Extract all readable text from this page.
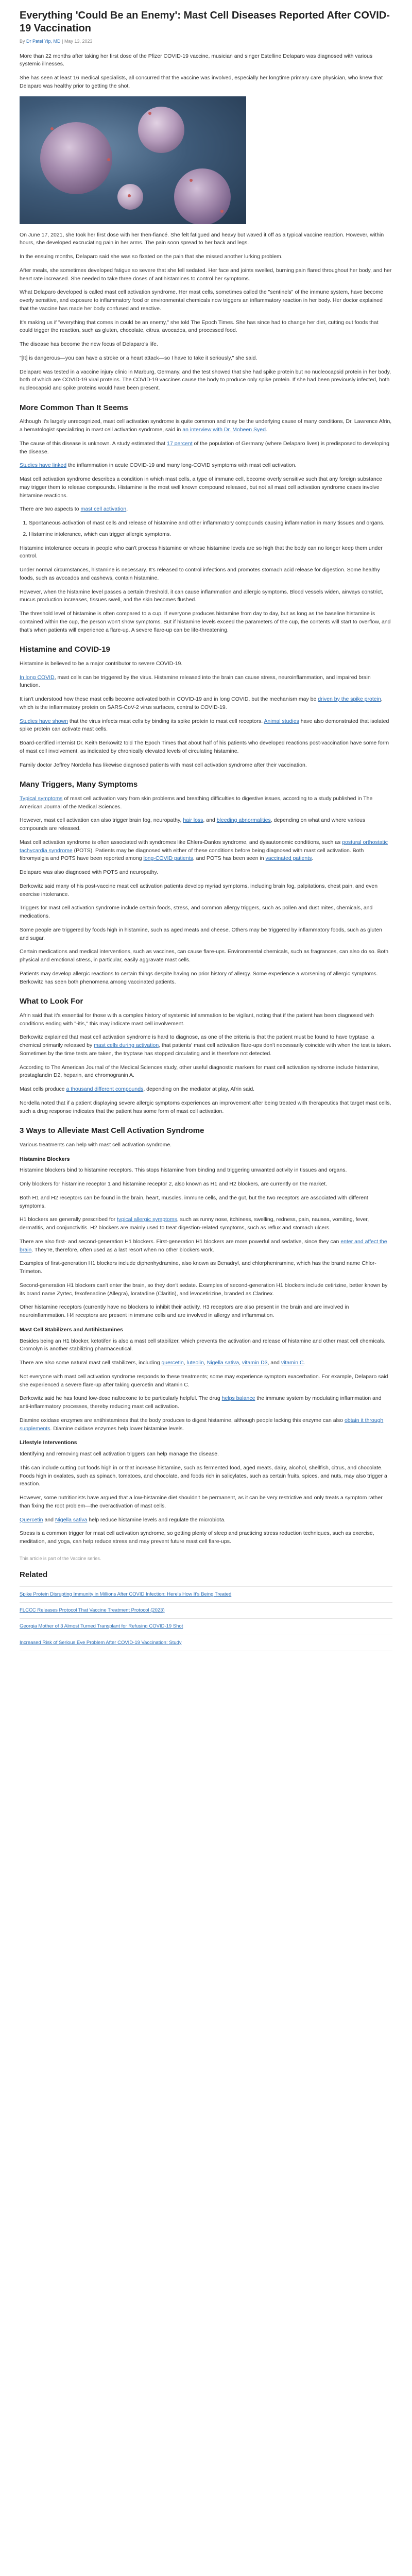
Everything 'Could Be an Enemy': Mast Cell Diseases Reported After COVID-19 Vaccination
By Dr Patel Yip, MD | May 13, 2023

More than 22 months after taking her first dose of the Pfizer COVID-19 vaccine, musician and singer Estelline Delaparo was diagnosed with various systemic illnesses.

She has seen at least 16 medical specialists, all concurred that the vaccine was involved, especially her longtime primary care physician, who knew that Delaparo was healthy prior to getting the shot.

On June 17, 2021, she took her first dose with her then-fiancé. She felt fatigued and heavy but waved it off as a typical vaccine reaction. However, within hours, she developed excruciating pain in her arms. The pain soon spread to her back and legs.

In the ensuing months, Delaparo said she was so fixated on the pain that she missed another lurking problem.

After meals, she sometimes developed fatigue so severe that she fell sedated. Her face and joints swelled, burning pain flared throughout her body, and her heart rate increased. She needed to take three doses of antihistamines to control her symptoms.

What Delaparo developed is called mast cell activation syndrome. Her mast cells, sometimes called the "sentinels" of the immune system, have become overly sensitive, and exposure to inflammatory food or environmental chemicals now triggers an inflammatory reaction in her body. Her doctor explained that the vaccine has made her body confused and reactive.

It's making us if "everything that comes in could be an enemy," she told The Epoch Times. She has since had to change her diet, cutting out foods that could trigger the reaction, such as gluten, chocolate, citrus, avocados, and processed food.

The disease has become the new focus of Delaparo's life.

"[It] is dangerous—you can have a stroke or a heart attack—so I have to take it seriously," she said.

Delaparo was tested in a vaccine injury clinic in Marburg, Germany, and the test showed that she had spike protein but no nucleocapsid protein in her body, both of which are COVID-19 viral proteins. The COVID-19 vaccines cause the body to produce only spike protein. If she had been previously infected, both nucleocapsid and spike proteins would have been present.

More Common Than It Seems

Although it's largely unrecognized, mast cell activation syndrome is quite common and may be the underlying cause of many conditions, Dr. Lawrence Afrin, a hematologist specializing in mast cell activation syndrome, said in an interview with Dr. Mobeen Syed.

The cause of this disease is unknown. A study estimated that 17 percent of the population of Germany (where Delaparo lives) is predisposed to developing the disease.

Studies have linked the inflammation in acute COVID-19 and many long-COVID symptoms with mast cell activation.

Mast cell activation syndrome describes a condition in which mast cells, a type of immune cell, become overly sensitive such that any foreign substance may trigger them to release compounds. Histamine is the most well known compound released, but not all mast cell activation syndrome cases involve histamine reactions.

There are two aspects to mast cell activation.

1. Spontaneous activation of mast cells and release of histamine and other inflammatory compounds causing inflammation in many tissues and organs.
2. Histamine intolerance, which can trigger allergic symptoms.

Histamine intolerance occurs in people who can't process histamine or whose histamine levels are so high that the body can no longer keep them under control.

Under normal circumstances, histamine is necessary. It's released to control infections and promotes stomach acid release for digestion. Some healthy foods, such as avocados and cashews, contain histamine.

However, when the histamine level passes a certain threshold, it can cause inflammation and allergic symptoms. Blood vessels widen, airways constrict, mucus production increases, tissues swell, and the skin becomes flushed.

The threshold level of histamine is often compared to a cup. If everyone produces histamine from day to day, but as long as the baseline histamine is contained within the cup, the person won't show symptoms. But if histamine levels exceed the parameters of the cup, the contents will start to overflow, and that's when patients will experience a flare-up. A severe flare-up can be life-threatening.

Histamine and COVID-19

Histamine is believed to be a major contributor to severe COVID-19.

In long COVID, mast cells can be triggered by the virus. Histamine released into the brain can cause stress, neuroinflammation, and impaired brain function.

It isn't understood how these mast cells become activated both in COVID-19 and in long COVID, but the mechanism may be driven by the spike protein, which is the inflammatory protein on SARS-CoV-2 virus surfaces, central to COVID-19.

Studies have shown that the virus infects mast cells by binding its spike protein to mast cell receptors. Animal studies have also demonstrated that isolated spike protein can activate mast cells.

Board-certified internist Dr. Keith Berkowitz told The Epoch Times that about half of his patients who developed reactions post-vaccination have some form of mast cell involvement, as indicated by chronically elevated levels of circulating histamine.

Family doctor Jeffrey Nordella has likewise diagnosed patients with mast cell activation syndrome after their vaccination.

Many Triggers, Many Symptoms

Typical symptoms of mast cell activation vary from skin problems and breathing difficulties to digestive issues, according to a study published in The American Journal of the Medical Sciences.

However, mast cell activation can also trigger brain fog, neuropathy, hair loss, and bleeding abnormalities, depending on what and where various compounds are released.

Mast cell activation syndrome is often associated with syndromes like Ehlers-Danlos syndrome, and dysautonomic conditions, such as postural orthostatic tachycardia syndrome (POTS). Patients may be diagnosed with either of these conditions before being diagnosed with mast cell activation. Both fibromyalgia and POTS have been reported among long-COVID patients, and POTS has been seen in vaccinated patients.

Delaparo was also diagnosed with POTS and neuropathy.

Berkowitz said many of his post-vaccine mast cell activation patients develop myriad symptoms, including brain fog, palpitations, chest pain, and even exercise intolerance.

Triggers for mast cell activation syndrome include certain foods, stress, and common allergy triggers, such as pollen and dust mites, chemicals, and medications.

Some people are triggered by foods high in histamine, such as aged meats and cheese. Others may be triggered by inflammatory foods, such as gluten and sugar.

Certain medications and medical interventions, such as vaccines, can cause flare-ups. Environmental chemicals, such as fragrances, can also do so. Both physical and emotional stress, in particular, easily aggravate mast cells.

Patients may develop allergic reactions to certain things despite having no prior history of allergy. Some experience a worsening of allergic symptoms. Berkowitz has seen both phenomena among vaccinated patients.

What to Look For

Afrin said that it's essential for those with a complex history of systemic inflammation to be vigilant, noting that if the patient has been diagnosed with conditions ending with "-itis," this may indicate mast cell involvement.

Berkowitz explained that mast cell activation syndrome is hard to diagnose, as one of the criteria is that the patient must be found to have tryptase, a chemical primarily released by mast cells during activation, that patients' mast cell activation flare-ups don't necessarily coincide with when the test is taken. Sometimes by the time tests are taken, the tryptase has stopped circulating and is therefore not detected.

According to The American Journal of the Medical Sciences study, other useful diagnostic markers for mast cell activation syndrome include histamine, prostaglandin D2, heparin, and chromogranin A.

Mast cells produce a thousand different compounds, depending on the mediator at play, Afrin said.

Nordella noted that if a patient displaying severe allergic symptoms experiences an improvement after being treated with therapeutics that target mast cells, such a drug response indicates that the patient has some form of mast cell activation.

3 Ways to Alleviate Mast Cell Activation Syndrome

Various treatments can help with mast cell activation syndrome.

Histamine Blockers

Histamine blockers bind to histamine receptors. This stops histamine from binding and triggering unwanted activity in tissues and organs.

Only blockers for histamine receptor 1 and histamine receptor 2, also known as H1 and H2 blockers, are currently on the market.

Both H1 and H2 receptors can be found in the brain, heart, muscles, immune cells, and the gut, but the two receptors are associated with different symptoms.

H1 blockers are generally prescribed for typical allergic symptoms, such as runny nose, itchiness, swelling, redness, pain, nausea, vomiting, fever, dermatitis, and conjunctivitis. H2 blockers are mainly used to treat digestion-related symptoms, such as reflux and stomach ulcers.

There are also first- and second-generation H1 blockers. First-generation H1 blockers are more powerful and sedative, since they can enter and affect the brain. They're, therefore, often used as a last resort when no other blockers work.

Examples of first-generation H1 blockers include diphenhydramine, also known as Benadryl, and chlorpheniramine, which has the brand name Chlor-Trimeton.

Second-generation H1 blockers can't enter the brain, so they don't sedate. Examples of second-generation H1 blockers include cetirizine, better known by its brand name Zyrtec, fexofenadine (Allegra), loratadine (Claritin), and levocetirizine, branded as Clarinex.

Other histamine receptors (currently have no blockers to inhibit their activity. H3 receptors are also present in the brain and are involved in neuroinflammation. H4 receptors are present in immune cells and are involved in allergy and inflammation.

Mast Cell Stabilizers and Antihistamines

Besides being an H1 blocker, ketotifen is also a mast cell stabilizer, which prevents the activation and release of histamine and other mast cell chemicals. Cromolyn is another stabilizing pharmaceutical.

There are also some natural mast cell stabilizers, including quercetin, luteolin, Nigella sativa, vitamin D3, and vitamin C.

Not everyone with mast cell activation syndrome responds to these treatments; some may experience symptom exacerbation. For example, Delaparo said she experienced a severe flare-up after taking quercetin and vitamin C.

Berkowitz said he has found low-dose naltrexone to be particularly helpful. The drug helps balance the immune system by modulating inflammation and anti-inflammatory processes, thereby reducing mast cell activation.

Diamine oxidase enzymes are antihistamines that the body produces to digest histamine, although people lacking this enzyme can also obtain it through supplements. Diamine oxidase enzymes help lower histamine levels.

Lifestyle Interventions

Identifying and removing mast cell activation triggers can help manage the disease.

This can include cutting out foods high in or that increase histamine, such as fermented food, aged meats, dairy, alcohol, shellfish, citrus, and chocolate. Foods high in oxalates, such as spinach, tomatoes, and chocolate, and foods rich in salicylates, such as certain fruits, spices, and nuts, may also trigger a reaction.

However, some nutritionists have argued that a low-histamine diet shouldn't be permanent, as it can be very restrictive and only treats a symptom rather than fixing the root problem—the overactivation of mast cells.

Quercetin and Nigella sativa help reduce histamine levels and regulate the microbiota.

Stress is a common trigger for mast cell activation syndrome, so getting plenty of sleep and practicing stress reduction techniques, such as exercise, meditation, and yoga, can help reduce stress and may prevent future mast cell flare-ups.

This article is part of the Vaccine series.
Related
Spike Protein Disrupting Immunity in Millions After COVID Infection: Here's How It's Being Treated
FLCCC Releases Protocol That Vaccine Treatment Protocol (2023)
Georgia Mother of 3 Almost Turned Transplant for Refusing COVID-19 Shot
Increased Risk of Serious Eye Problem After COVID-19 Vaccination: Study
